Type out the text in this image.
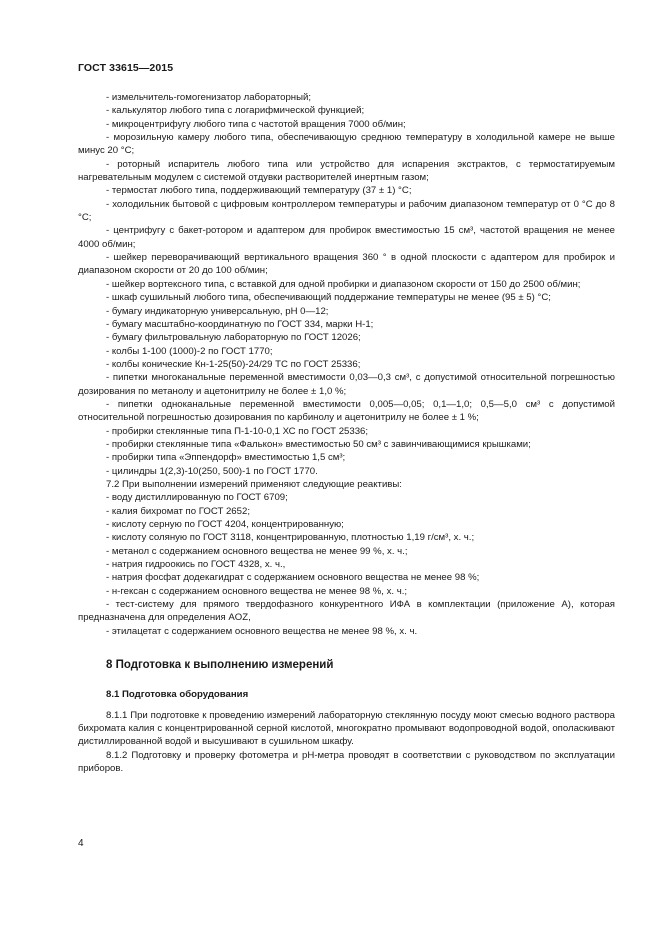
ГОСТ 33615—2015

- измельчитель-гомогенизатор лабораторный;

- калькулятор любого типа с логарифмической функцией;

- микроцентрифугу любого типа с частотой вращения 7000 об/мин;

- морозильную камеру любого типа, обеспечивающую среднюю температуру в холодильной камере не выше минус 20 °С;

- роторный испаритель любого типа или устройство для испарения экстрактов, с термостатируемым нагревательным модулем с системой отдувки растворителей инертным газом;

- термостат любого типа, поддерживающий температуру (37 ± 1) °С;

- холодильник бытовой с цифровым контроллером температуры и рабочим диапазоном температур от 0 °С до 8 °С;

- центрифугу с бакет-ротором и адаптером для пробирок вместимостью 15 см³, частотой вращения не менее 4000 об/мин;

- шейкер переворачивающий вертикального вращения 360 ° в одной плоскости с адаптером для пробирок и диапазоном скорости от 20 до 100 об/мин;

- шейкер вортексного типа, с вставкой для одной пробирки и диапазоном скорости от 150 до 2500 об/мин;

- шкаф сушильный любого типа, обеспечивающий поддержание температуры не менее (95 ± 5) °С;

- бумагу индикаторную универсальную, рН 0—12;

- бумагу масштабно-координатную по ГОСТ 334, марки Н-1;

- бумагу фильтровальную лабораторную по ГОСТ 12026;

- колбы 1-100 (1000)-2 по ГОСТ 1770;

- колбы конические Кн-1-25(50)-24/29 ТС по ГОСТ 25336;

- пипетки многоканальные переменной вместимости 0,03—0,3 см³, с допустимой относительной погрешностью дозирования по метанолу и ацетонитрилу не более ± 1,0 %;

- пипетки одноканальные переменной вместимости 0,005—0,05; 0,1—1,0; 0,5—5,0 см³ с допустимой относительной погрешностью дозирования по карбинолу и ацетонитрилу не более ± 1 %;

- пробирки стеклянные типа П-1-10-0,1 ХС по ГОСТ 25336;

- пробирки стеклянные типа «Фалькон» вместимостью 50 см³ с завинчивающимися крышками;

- пробирки типа «Эппендорф» вместимостью 1,5 см³;

- цилиндры 1(2,3)-10(250, 500)-1 по ГОСТ 1770.

7.2 При выполнении измерений применяют следующие реактивы:

- воду дистиллированную по ГОСТ 6709;

- калия бихромат по ГОСТ 2652;

- кислоту серную по ГОСТ 4204, концентрированную;

- кислоту соляную по ГОСТ 3118, концентрированную, плотностью 1,19 г/см³, х. ч.;

- метанол с содержанием основного вещества не менее 99 %, х. ч.;

- натрия гидроокись по ГОСТ 4328, х. ч.,

- натрия фосфат додекагидрат с содержанием основного вещества не менее 98 %;

- н-гексан с содержанием основного вещества не менее 98 %, х. ч.;

- тест-систему для прямого твердофазного конкурентного ИФА в комплектации (приложение А), которая предназначена для определения AOZ,

- этилацетат с содержанием основного вещества не менее 98 %, х. ч.

8 Подготовка к выполнению измерений

8.1 Подготовка оборудования

8.1.1 При подготовке к проведению измерений лабораторную стеклянную посуду моют смесью водного раствора бихромата калия с концентрированной серной кислотой, многократно промывают водопроводной водой, ополаскивают дистиллированной водой и высушивают в сушильном шкафу.

8.1.2 Подготовку и проверку фотометра и рН-метра проводят в соответствии с руководством по эксплуатации приборов.

4
